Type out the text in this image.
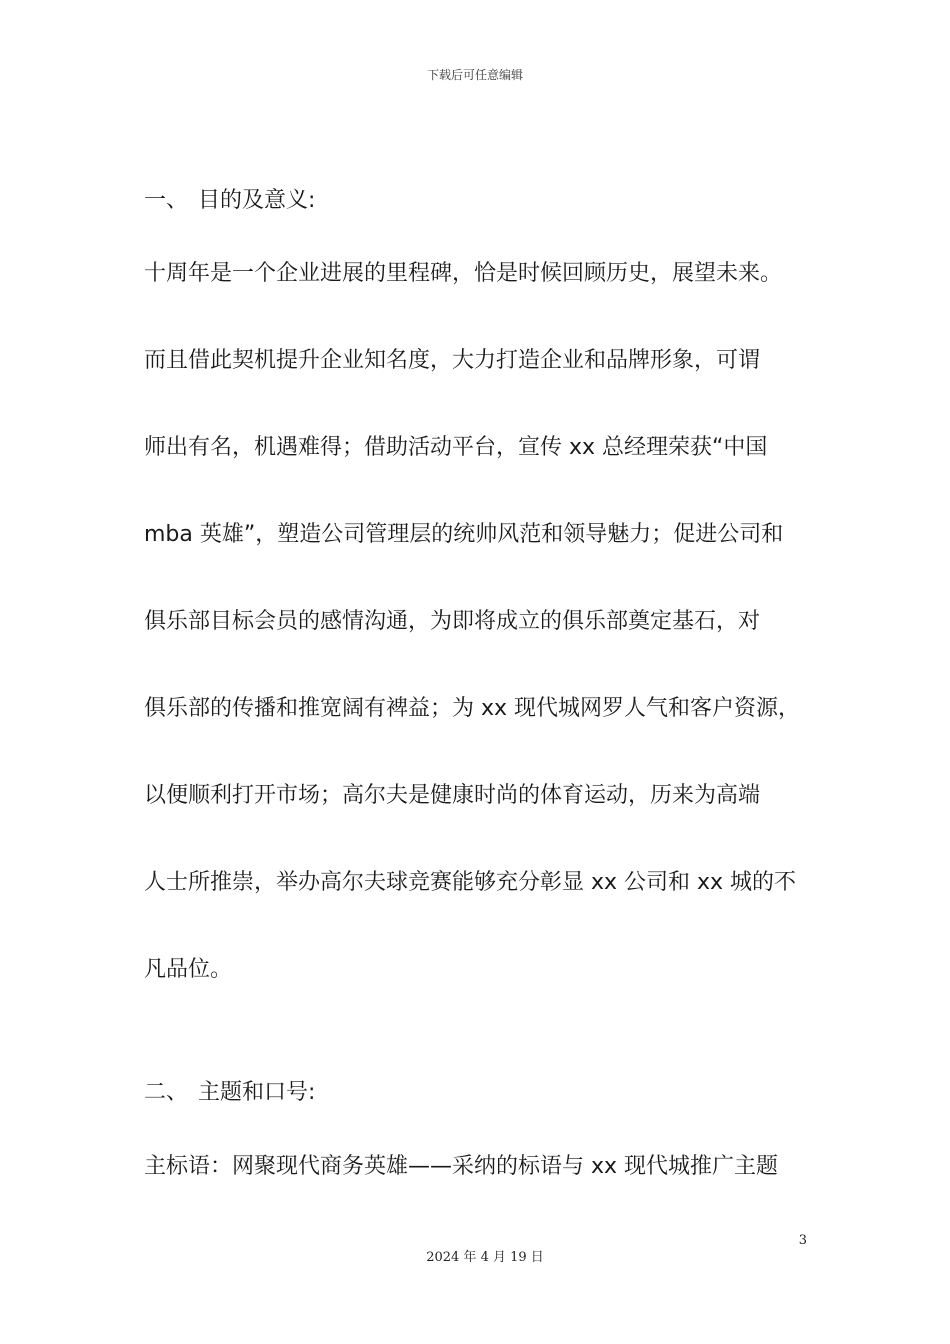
下载后可任意编辑
一、 目的及意义:
十周年是一个企业进展的里程碑，恰是时候回顾历史，展望未来。
而且借此契机提升企业知名度，大力打造企业和品牌形象，可谓
师出有名，机遇难得；借助活动平台，宣传 xx 总经理荣获“中国
mba 英雄”，塑造公司管理层的统帅风范和领导魅力；促进公司和
俱乐部目标会员的感情沟通，为即将成立的俱乐部奠定基石，对
俱乐部的传播和推宽阔有裨益；为 xx 现代城网罗人气和客户资源，
以便顺利打开市场；高尔夫是健康时尚的体育运动，历来为高端
人士所推崇，举办高尔夫球竞赛能够充分彰显 xx 公司和 xx 城的不
凡品位。
二、 主题和口号:
主标语：网聚现代商务英雄——采纳的标语与 xx 现代城推广主题
3
2024 年 4 月 19 日
